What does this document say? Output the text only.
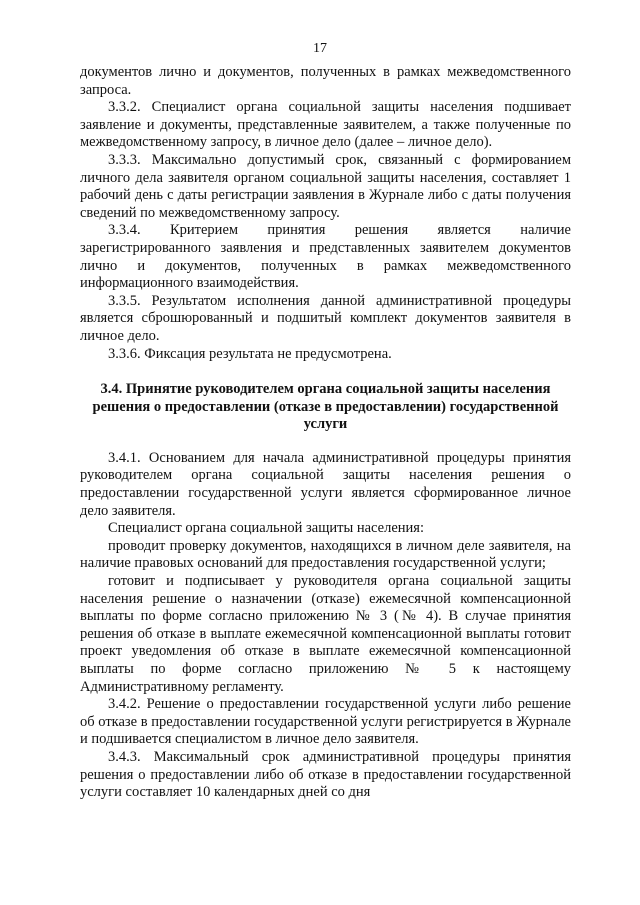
17

документов лично и документов, полученных в рамках межведомственного запроса.

3.3.2. Специалист органа социальной защиты населения подшивает заявление и документы, представленные заявителем, а также полученные по межведомственному запросу, в личное дело (далее – личное дело).

3.3.3. Максимально допустимый срок, связанный с формированием личного дела заявителя органом социальной защиты населения, составляет 1 рабочий день с даты регистрации заявления в Журнале либо с даты получения сведений по межведомственному запросу.

3.3.4. Критерием принятия решения является наличие зарегистрированного заявления и представленных заявителем документов лично и документов, полученных в рамках межведомственного информационного взаимодействия.

3.3.5. Результатом исполнения данной административной процедуры является сброшюрованный и подшитый комплект документов заявителя в личное дело.

3.3.6. Фиксация результата не предусмотрена.

3.4. Принятие руководителем органа социальной защиты населения решения о предоставлении (отказе в предоставлении) государственной услуги

3.4.1. Основанием для начала административной процедуры принятия руководителем органа социальной защиты населения решения о предоставлении государственной услуги является сформированное личное дело заявителя.

Специалист органа социальной защиты населения:

проводит проверку документов, находящихся в личном деле заявителя, на наличие правовых оснований для предоставления государственной услуги;

готовит и подписывает у руководителя органа социальной защиты населения решение о назначении (отказе) ежемесячной компенсационной выплаты по форме согласно приложению № 3 (№ 4). В случае принятия решения об отказе в выплате ежемесячной компенсационной выплаты готовит проект уведомления об отказе в выплате ежемесячной компенсационной выплаты по форме согласно приложению № 5 к настоящему Административному регламенту.

3.4.2. Решение о предоставлении государственной услуги либо решение об отказе в предоставлении государственной услуги регистрируется в Журнале и подшивается специалистом в личное дело заявителя.

3.4.3. Максимальный срок административной процедуры принятия решения о предоставлении либо об отказе в предоставлении государственной услуги составляет 10 календарных дней со дня
